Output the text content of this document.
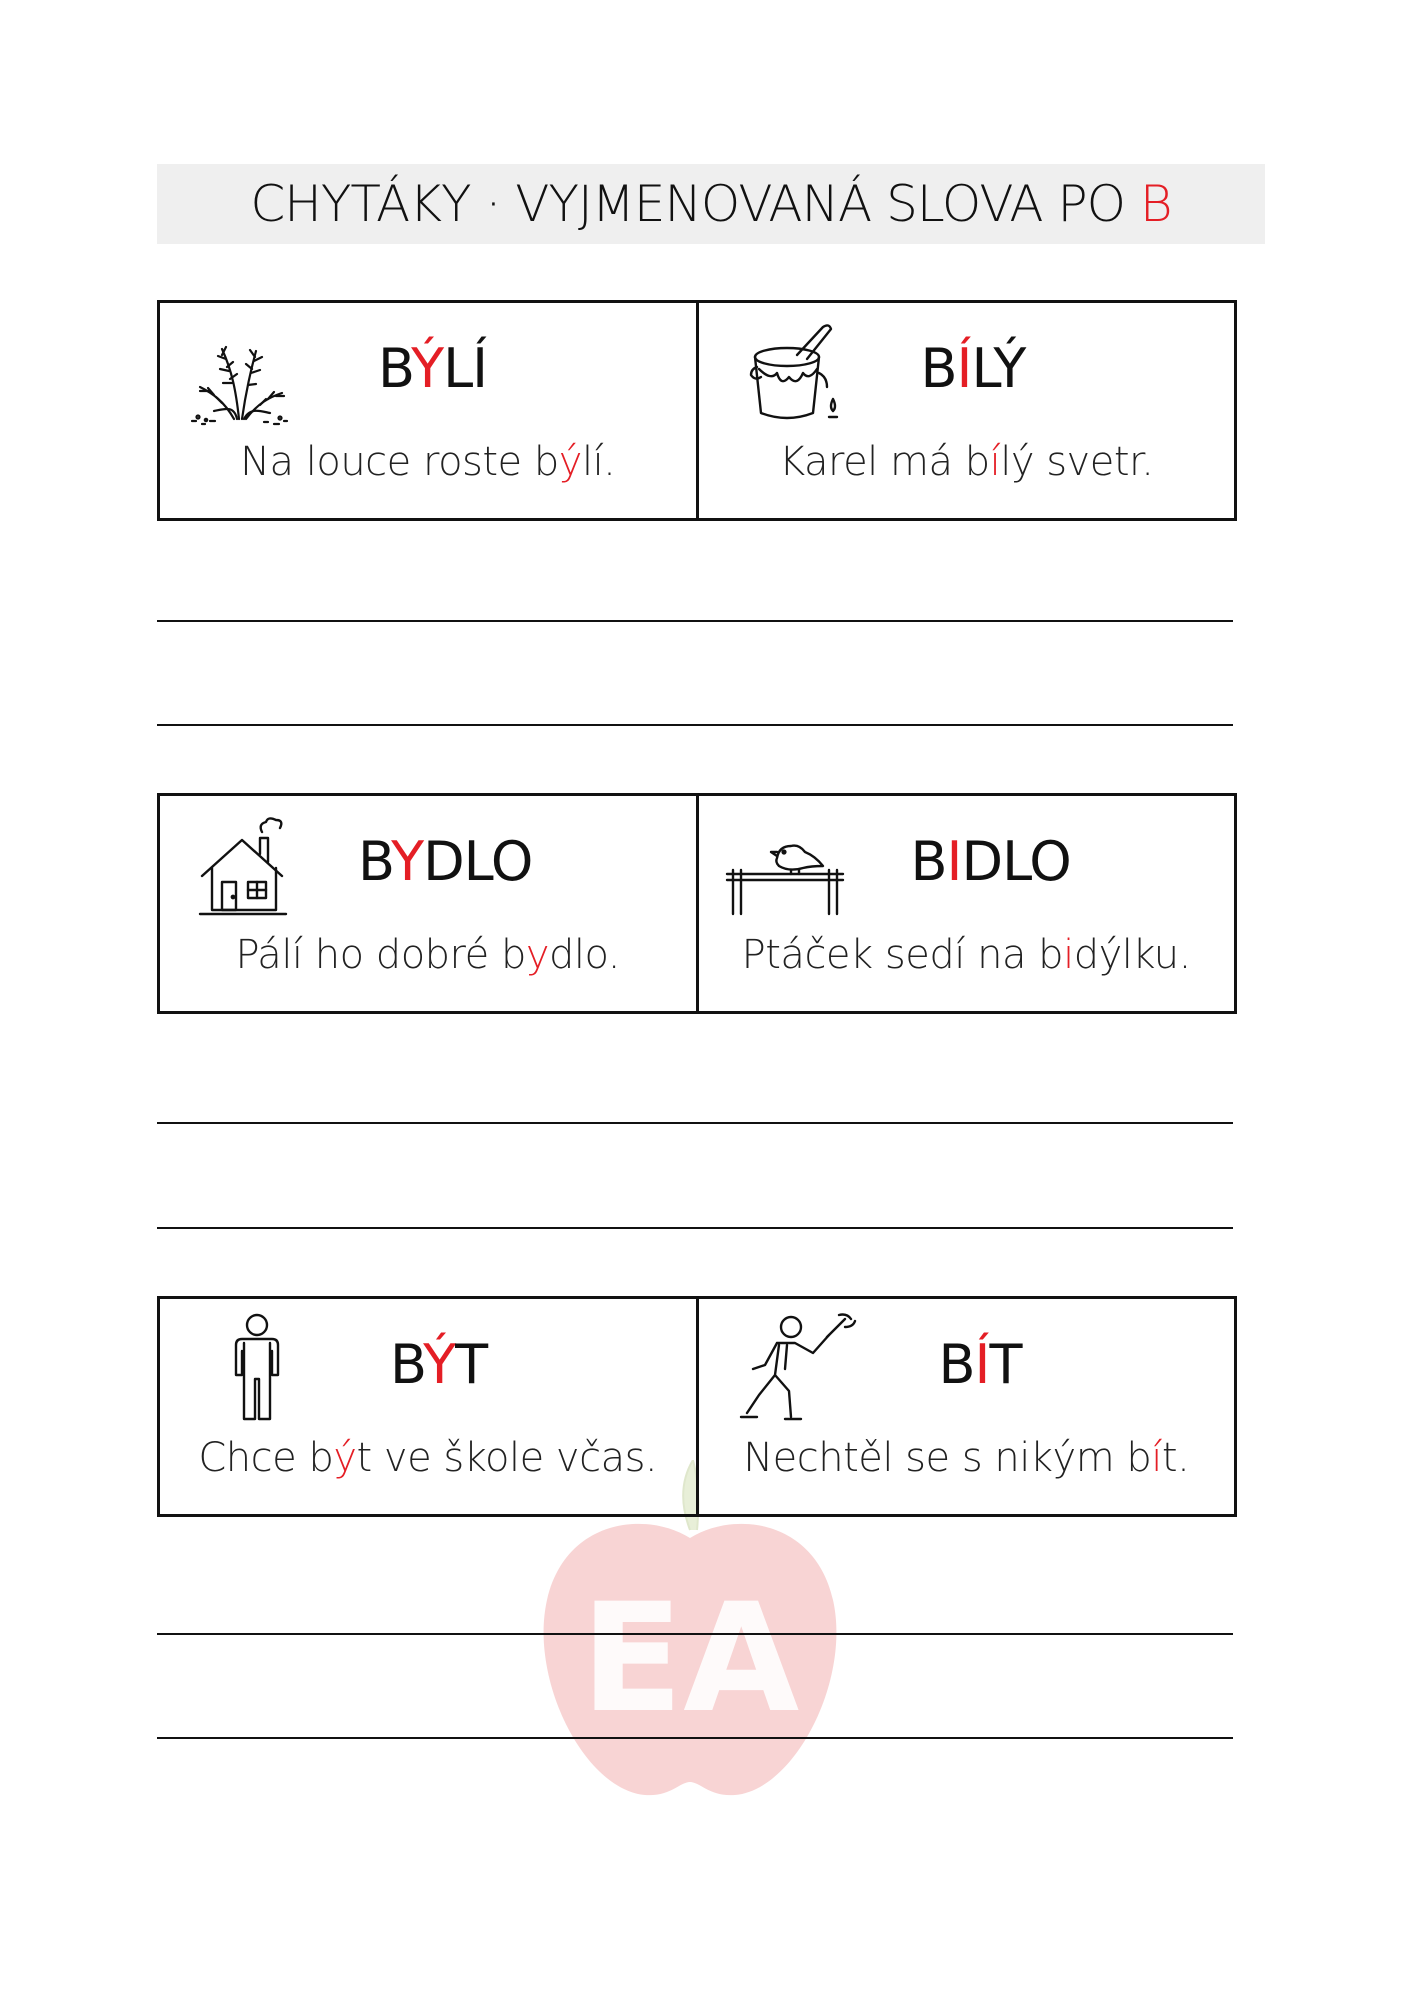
CHYTÁKY · VYJMENOVANÁ SLOVA PO B
BÝLÍ
Na louce roste býlí.
BÍLÝ
Karel má bílý svetr.
BYDLO
Pálí ho dobré bydlo.
BIDLO
Ptáček sedí na bidýlku.
EA
BÝT
Chce být ve škole včas.
BÍT
Nechtěl se s nikým bít.
